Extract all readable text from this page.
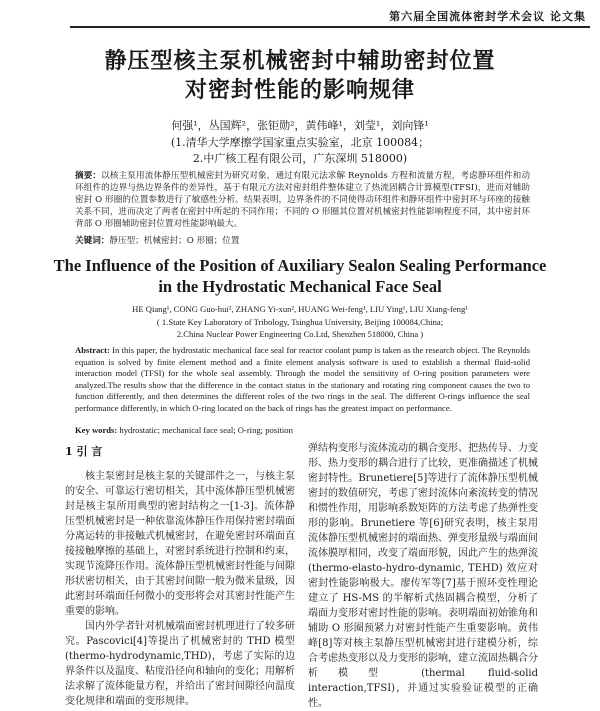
第六届全国流体密封学术会议 论文集
静压型核主泵机械密封中辅助密封位置
对密封性能的影响规律
何强¹，丛国辉²，张钜勋²，黄伟峰¹，刘莹¹，刘向锋¹
(1.清华大学摩擦学国家重点实验室，北京 100084；
2.中广核工程有限公司，广东深圳 518000)
摘要：以核主泵用流体静压型机械密封为研究对象，通过有限元法求解 Reynolds 方程和流量方程，考虑静环组件和动环组件的边界与热边界条件的差异性，基于有限元方法对密封组件整体建立了热流固耦合计算模型(TFSI)，进而对辅助密封 O 形圈的位置参数进行了敏感性分析。结果表明，边界条件的不同使得动环组件和静环组件中密封环与环座的接触关系不同，进而决定了两者在密封中所起的不同作用；不同的 O 形圈其位置对机械密封性能影响程度不同，其中密封环背部 O 形圈辅助密封位置对性能影响最大。
关键词：静压型；机械密封；O 形圈；位置
The Influence of the Position of Auxiliary Sealon Sealing Performance
in the Hydrostatic Mechanical Face Seal
HE Qiang¹, CONG Guo-hui², ZHANG Yi-xun², HUANG Wei-feng¹, LIU Ying¹, LIU Xiang-feng¹
( 1.State Key Laboratory of Tribology, Tsinghua University, Beijing 100084,China;
2.China Nuclear Power Engineering Co.Ltd, Shenzhen 518000, China )
Abstract: In this paper, the hydrostatic mechanical face seal for reactor coolant pump is taken as the research object. The Reynolds equation is solved by finite element method and a finite element analysis software is used to establish a thermal fluid-solid interaction model (TFSI) for the whole seal assembly. Through the model the sensitivity of O-ring position parameters were analyzed.The results show that the difference in the contact status in the stationary and rotating ring component causes the two to function differently, and then determines the different roles of the two rings in the seal. The different O-rings influence the seal performance differently, in which O-ring located on the back of rings has the greatest impact on performance.
Key words: hydrostatic; mechanical face seal; O-ring; position
1 引 言

核主泵密封是核主泵的关键部件之一，与核主泵的安全、可靠运行密切相关，其中流体静压型机械密封是核主泵所用典型的密封结构之一[1-3]。流体静压型机械密封是一种依靠流体静压作用保持密封端面分离运转的非接触式机械密封，在避免密封环端面直接接触摩擦的基础上，对密封系统进行控制和约束，实现节流降压作用。流体静压型机械密封性能与间隙形状密切相关，由于其密封间隙一般为微米量级，因此密封环端面任何微小的变形将会对其密封性能产生重要的影响。

国内外学者针对机械端面密封机理进行了较多研究。Pascovici[4]等提出了机械密封的 THD 模型(thermo-hydrodynamic,THD)，考虑了实际的边界条件以及温度、粘度沿径向和轴向的变化；用解析法求解了流体能量方程，并给出了密封间隙径向温度变化规律和端面的变形规律。

弹结构变形与流体流动的耦合变形、把热传导、力变形、热力变形的耦合进行了比较，更准确描述了机械密封特性。Brunetiere[5]等进行了流体静压型机械密封的数值研究，考虑了密封流体向紊流转变的情况和惯性作用，用影响系数矩阵的方法考虑了热弹性变形的影响。Brunetiere 等[6]研究表明，核主泵用流体静压型机械密封的端面热、弹变形量级与端面间流体膜厚相同，改变了端面形貌，因此产生的热弹流(thermo-elasto-hydro-dynamic, TEHD) 效应对密封性能影响极大。廖传军等[7]基于照环变性理论建立了 HS-MS 的半解析式热固耦合模型，分析了端面力变形对密封性能的影响。表明端面初始锥角和辅助 O 形圈预紧力对密封性能产生重要影响。黄伟峰[8]等对核主泵静压型机械密封进行建模分析，综合考虑热变形以及力变形的影响，建立流固热耦合分析模型 (thermal fluid-solid interaction,TFSI)，并通过实验验证模型的正确性。
